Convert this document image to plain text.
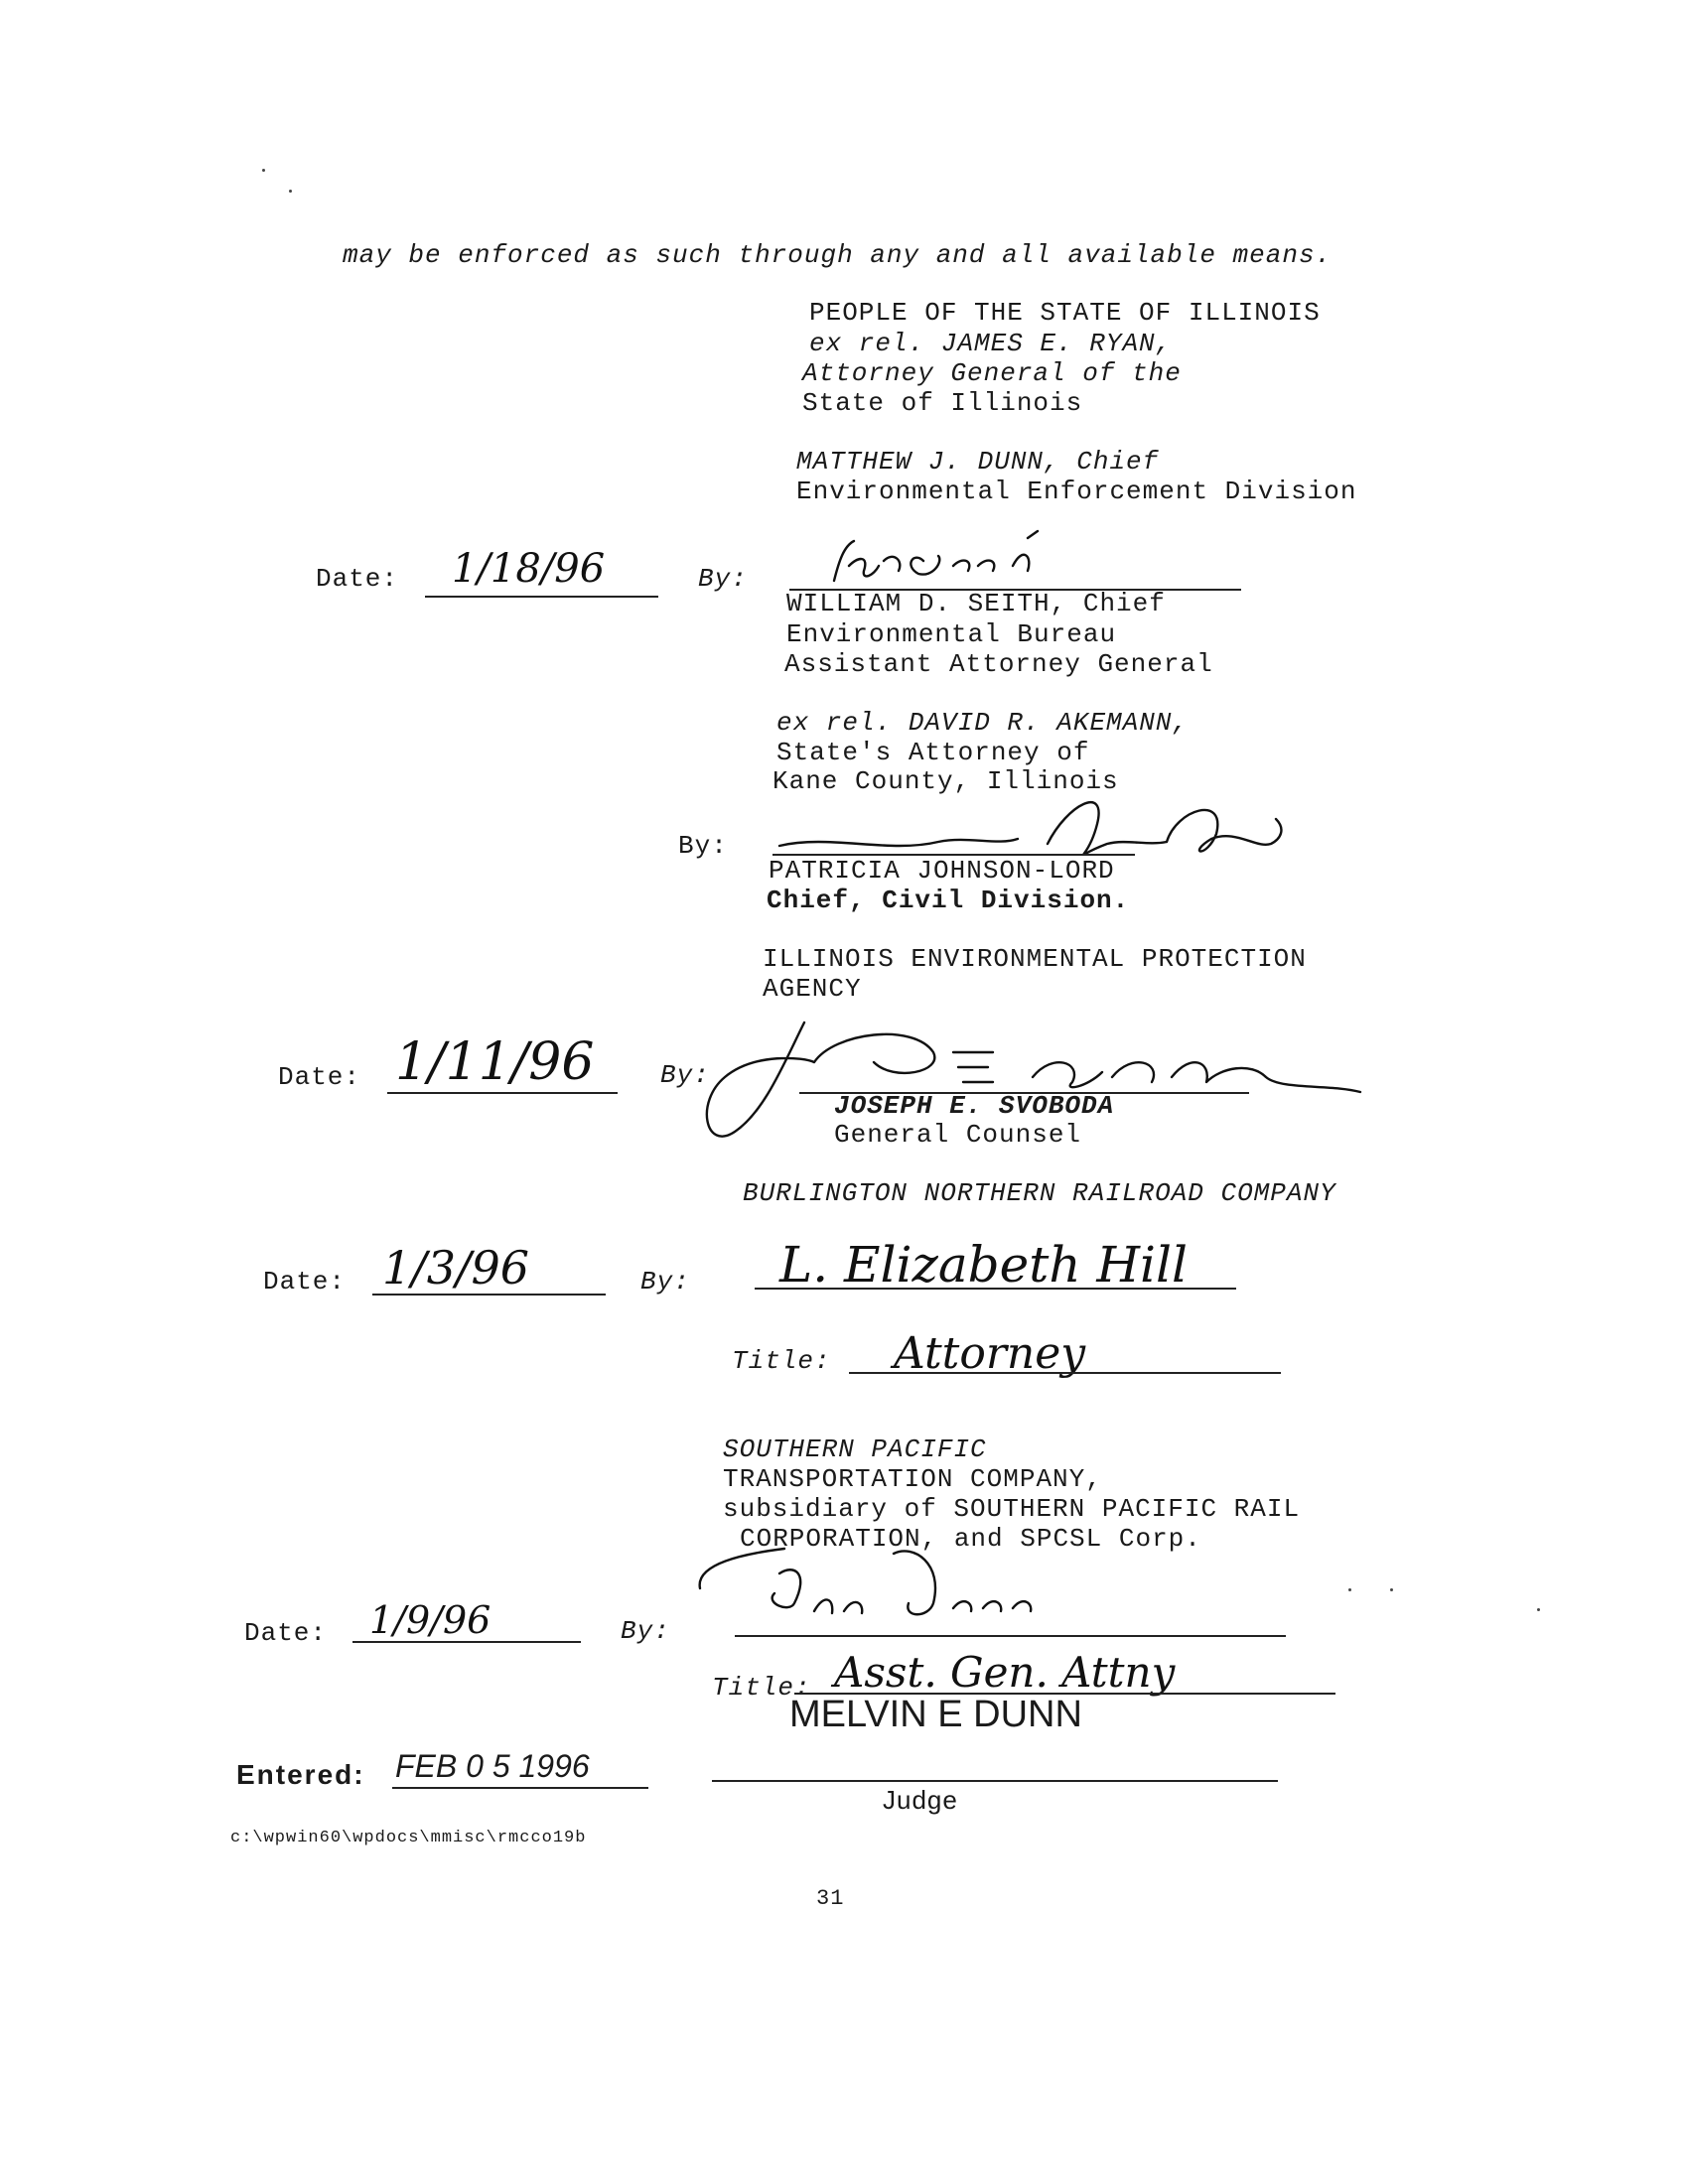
may be enforced as such through any and all available means.
PEOPLE OF THE STATE OF ILLINOIS
ex rel. JAMES E. RYAN,
Attorney General of the
State of Illinois
MATTHEW J. DUNN, Chief
Environmental Enforcement Division
Date: 1/18/96	By:
WILLIAM D. SEITH, Chief
Environmental Bureau
Assistant Attorney General
ex rel. DAVID R. AKEMANN,
State's Attorney of
Kane County, Illinois
By:
PATRICIA JOHNSON-LORD
Chief, Civil Division.
ILLINOIS ENVIRONMENTAL PROTECTION
AGENCY
Date: 1/11/96	By:
JOSEPH E. SVOBODA
General Counsel
BURLINGTON NORTHERN RAILROAD COMPANY
Date: 1/3/96	By: L. Elizabeth Hill
Title: Attorney
SOUTHERN PACIFIC
TRANSPORTATION COMPANY,
subsidiary of SOUTHERN PACIFIC RAIL
CORPORATION, and SPCSL Corp.
Date: 1/9/96	By:
Title: Asst. Gen. Attny
MELVIN E DUNN
Entered: FEB 0 5 1996
Judge
c:\wpwin60\wpdocs\mmisc\rmcco19b
31
